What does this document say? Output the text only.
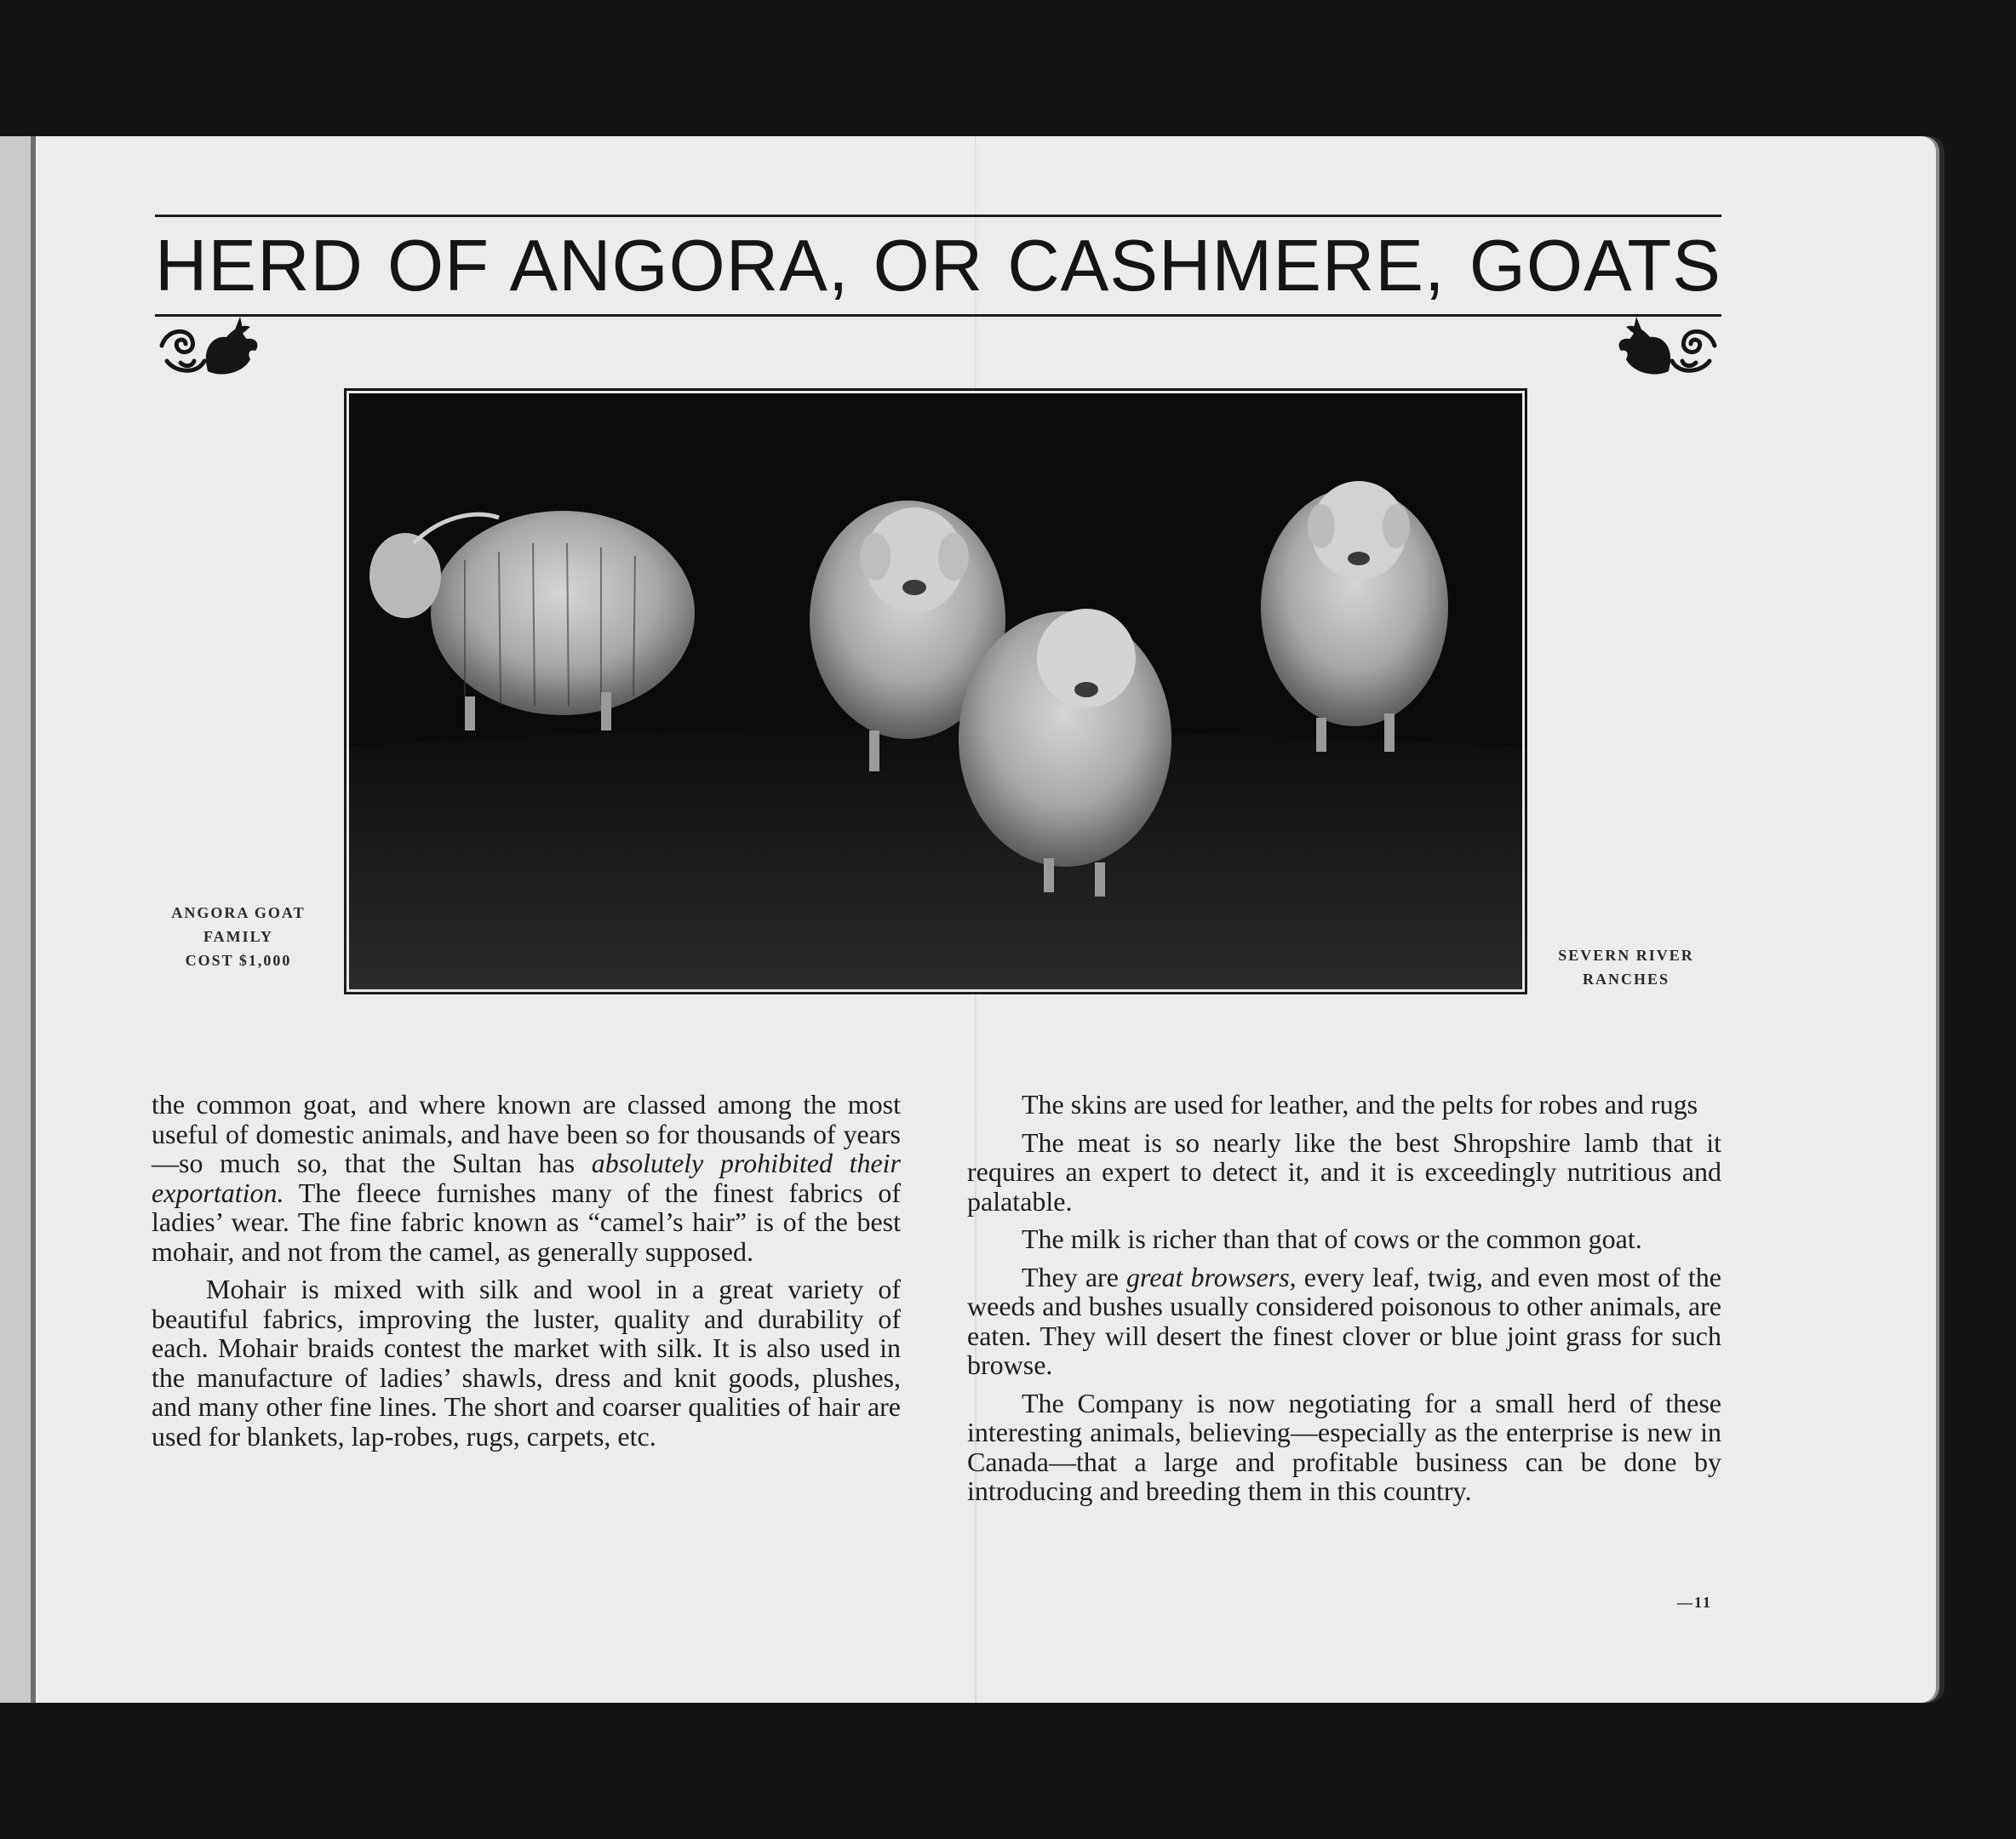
HERD OF ANGORA, OR CASHMERE, GOATS
ANGORA GOAT
FAMILY
COST $1,000	SEVERN RIVER
RANCHES

the common goat, and where known are classed among the most useful of domestic animals, and have been so for thousands of years—so much so, that the Sultan has absolutely prohibited their exportation. The fleece furnishes many of the finest fabrics of ladies’ wear. The fine fabric known as “camel’s hair” is of the best mohair, and not from the camel, as generally supposed.

Mohair is mixed with silk and wool in a great variety of beautiful fabrics, improving the luster, quality and durability of each. Mohair braids contest the market with silk. It is also used in the manufacture of ladies’ shawls, dress and knit goods, plushes, and many other fine lines. The short and coarser qualities of hair are used for blankets, lap-robes, rugs, carpets, etc.

The skins are used for leather, and the pelts for robes and rugs

The meat is so nearly like the best Shropshire lamb that it requires an expert to detect it, and it is exceedingly nutritious and palatable.

The milk is richer than that of cows or the common goat.

They are great browsers, every leaf, twig, and even most of the weeds and bushes usually considered poisonous to other animals, are eaten. They will desert the finest clover or blue joint grass for such browse.

The Company is now negotiating for a small herd of these interesting animals, believing—especially as the enterprise is new in Canada—that a large and profitable business can be done by introducing and breeding them in this country.

—11
